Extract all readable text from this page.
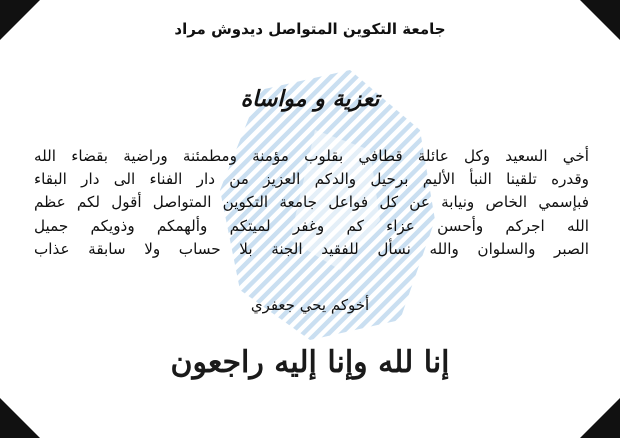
جامعة التكوين المتواصل ديدوش مراد
تعزية و مواساة
أخي السعيد وكل عائلة قطافي بقلوب مؤمنة ومطمئنة وراضية بقضاء الله
وقدره تلقينا النبأ الأليم برحيل والدكم العزيز من دار الفناء الى دار البقاء
فبإسمي الخاص ونيابة عن كل فواعل جامعة التكوين المتواصل أقول لكم عظم
الله اجركم وأحسن عزاء كم وغفر لميتكم وألهمكم وذويكم جميل
الصبر والسلوان والله نسأل للفقيد الجنة بلا حساب ولا سابقة عذاب
أخوكم يحي جعفري
إنا لله وإنا إليه راجعون
